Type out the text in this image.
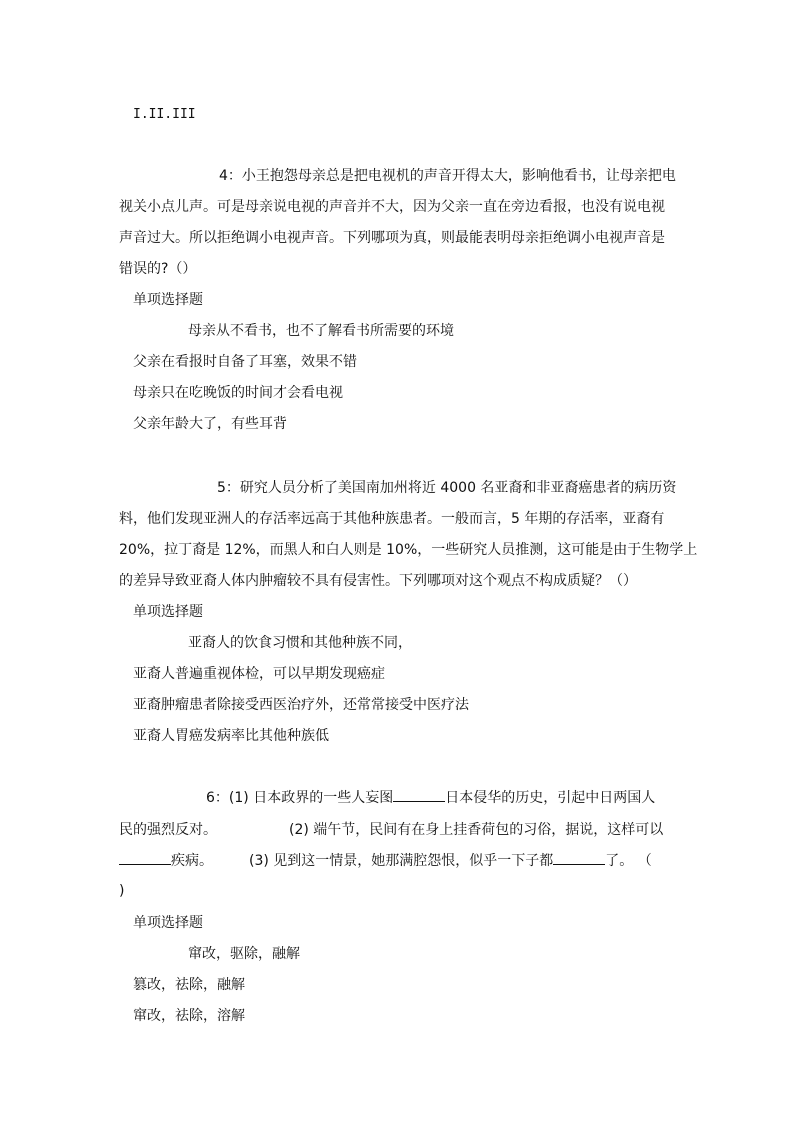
I.II.III
4：小王抱怨母亲总是把电视机的声音开得太大，影响他看书，让母亲把电
视关小点儿声。可是母亲说电视的声音并不大，因为父亲一直在旁边看报，也没有说电视
声音过大。所以拒绝调小电视声音。下列哪项为真，则最能表明母亲拒绝调小电视声音是
错误的?（）
单项选择题
母亲从不看书，也不了解看书所需要的环境
父亲在看报时自备了耳塞，效果不错
母亲只在吃晚饭的时间才会看电视
父亲年龄大了，有些耳背
5：研究人员分析了美国南加州将近 4000 名亚裔和非亚裔癌患者的病历资
料，他们发现亚洲人的存活率远高于其他种族患者。一般而言，5 年期的存活率，亚裔有
20%，拉丁裔是 12%，而黑人和白人则是 10%，一些研究人员推测，这可能是由于生物学上
的差异导致亚裔人体内肿瘤较不具有侵害性。下列哪项对这个观点不构成质疑？（）
单项选择题
亚裔人的饮食习惯和其他种族不同，
亚裔人普遍重视体检，可以早期发现癌症
亚裔肿瘤患者除接受西医治疗外，还常常接受中医疗法
亚裔人胃癌发病率比其他种族低
6：(1) 日本政界的一些人妄图	日本侵华的历史，引起中日两国人
民的强烈反对。	(2) 端午节，民间有在身上挂香荷包的习俗，据说，这样可以
疾病。	(3) 见到这一情景，她那满腔怨恨，似乎一下子都	了。 （
)
单项选择题
窜改，驱除，融解
篡改，祛除，融解
窜改，祛除，溶解
